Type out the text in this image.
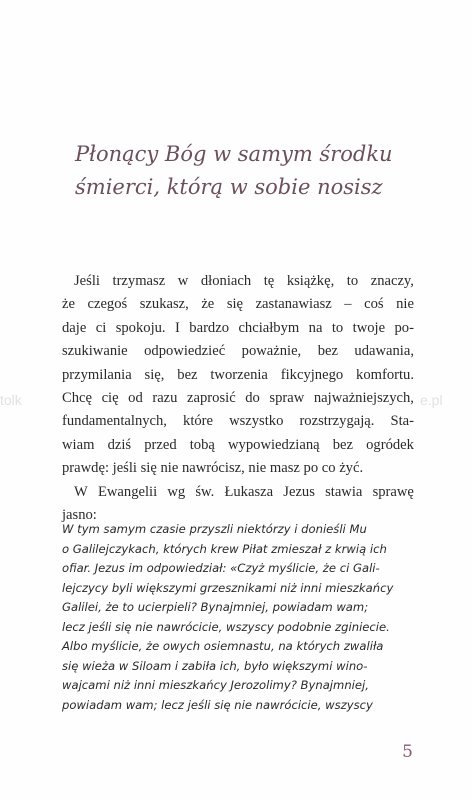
tolk	e.pl
Płonący Bóg w samym środku
śmierci, którą w sobie nosisz
Jeśli trzymasz w dłoniach tę książkę, to znaczy,
że czegoś szukasz, że się zastanawiasz – coś nie
daje ci spokoju. I bardzo chciałbym na to twoje po-
szukiwanie odpowiedzieć poważnie, bez udawania,
przymilania się, bez tworzenia fikcyjnego komfortu.
Chcę cię od razu zaprosić do spraw najważniejszych,
fundamentalnych, które wszystko rozstrzygają. Sta-
wiam dziś przed tobą wypowiedzianą bez ogródek
prawdę: jeśli się nie nawrócisz, nie masz po co żyć.
W Ewangelii wg św. Łukasza Jezus stawia sprawę
jasno:
W tym samym czasie przyszli niektórzy i donieśli Mu
o Galilejczykach, których krew Piłat zmieszał z krwią ich
ofiar. Jezus im odpowiedział: «Czyż myślicie, że ci Gali-
lejczycy byli większymi grzesznikami niż inni mieszkańcy
Galilei, że to ucierpieli? Bynajmniej, powiadam wam;
lecz jeśli się nie nawrócicie, wszyscy podobnie zginiecie.
Albo myślicie, że owych osiemnastu, na których zwaliła
się wieża w Siloam i zabiła ich, było większymi wino-
wajcami niż inni mieszkańcy Jerozolimy? Bynajmniej,
powiadam wam; lecz jeśli się nie nawrócicie, wszyscy
5
